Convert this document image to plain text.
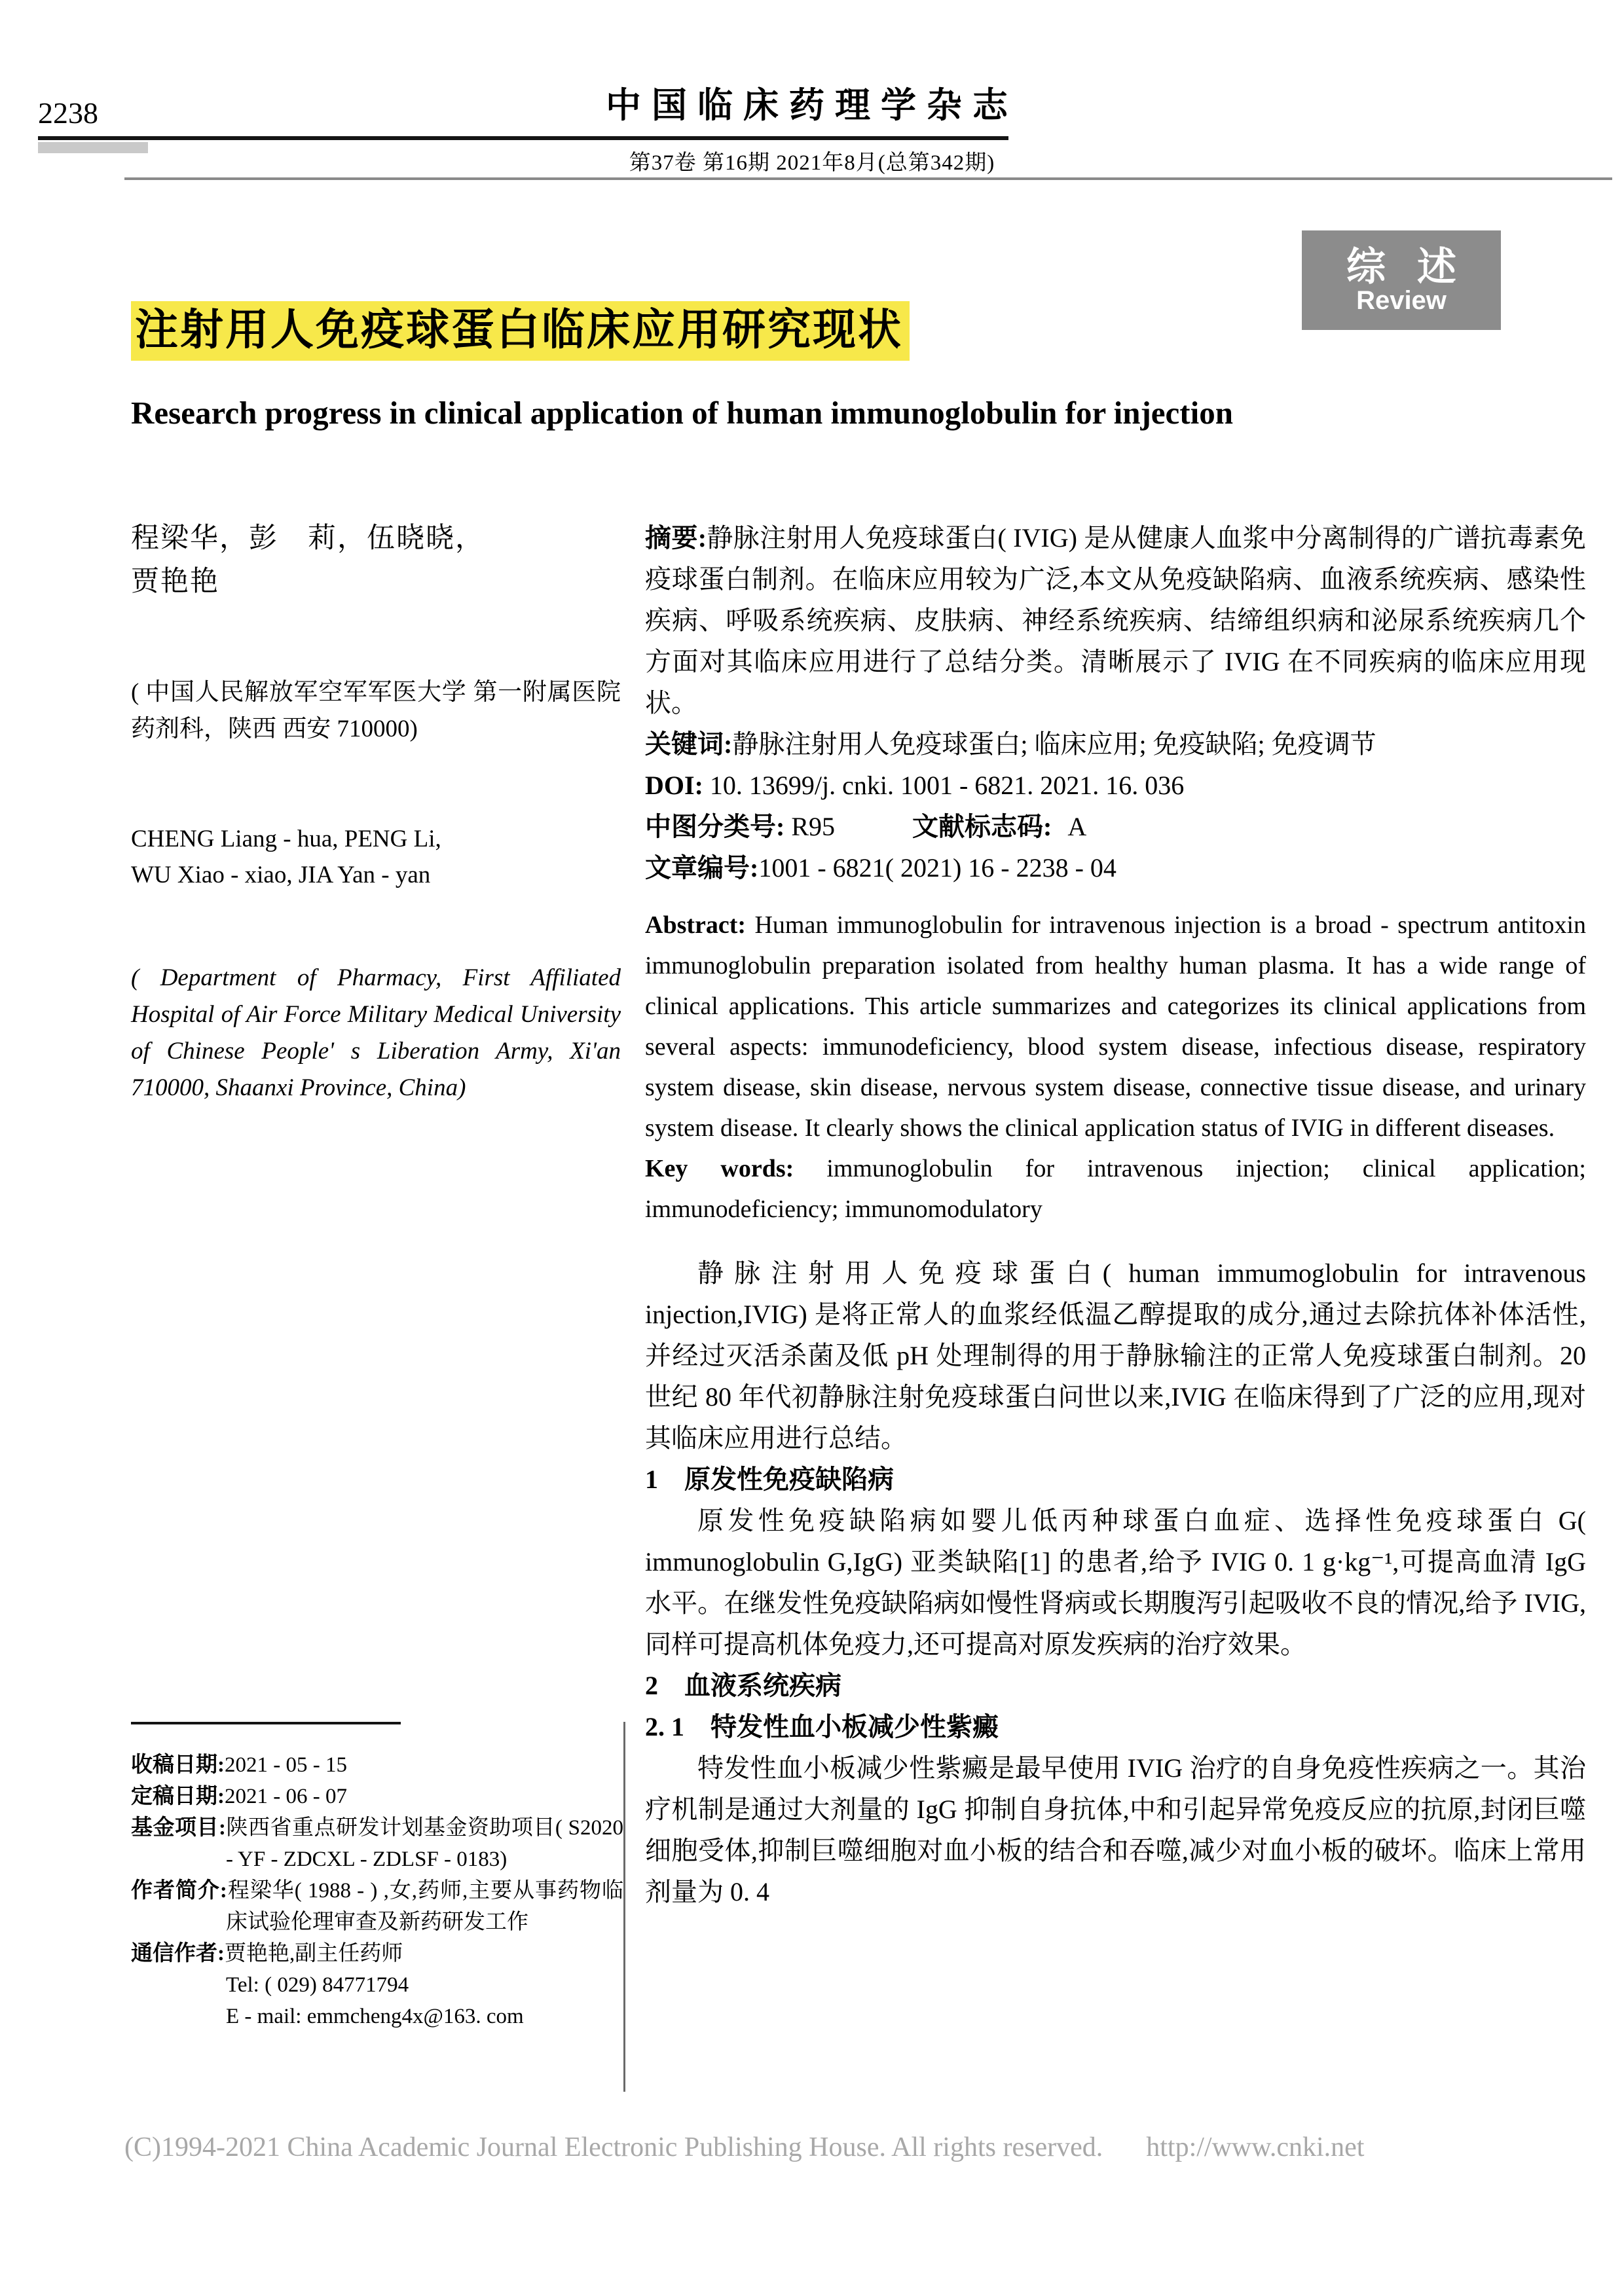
2238	中国临床药理学杂志
第37卷 第16期 2021年8月(总第342期)
综述
Review
注射用人免疫球蛋白临床应用研究现状
Research progress in clinical application of human immunoglobulin for injection
程梁华，彭　莉，伍晓晓，
贾艳艳
( 中国人民解放军空军军医大学 第一附属医院药剂科，陕西 西安 710000)
CHENG Liang - hua, PENG Li,
WU Xiao - xiao, JIA Yan - yan
( Department of Pharmacy, First Affiliated Hospital of Air Force Military Medical University of Chinese People' s Liberation Army, Xi'an 710000, Shaanxi Province, China)
收稿日期:2021 - 05 - 15
定稿日期:2021 - 06 - 07
基金项目:陕西省重点研发计划基金资助项目( S2020 - YF - ZDCXL - ZDLSF - 0183)
作者简介:程梁华( 1988 - ) ,女,药师,主要从事药物临床试验伦理审查及新药研发工作
通信作者:贾艳艳,副主任药师
Tel: ( 029) 84771794
E - mail: emmcheng4x@163. com

摘要:静脉注射用人免疫球蛋白( IVIG) 是从健康人血浆中分离制得的广谱抗毒素免疫球蛋白制剂。在临床应用较为广泛,本文从免疫缺陷病、血液系统疾病、感染性疾病、呼吸系统疾病、皮肤病、神经系统疾病、结缔组织病和泌尿系统疾病几个方面对其临床应用进行了总结分类。清晰展示了 IVIG 在不同疾病的临床应用现状。

关键词:静脉注射用人免疫球蛋白; 临床应用; 免疫缺陷; 免疫调节

DOI: 10. 13699/j. cnki. 1001 - 6821. 2021. 16. 036

中图分类号: R95	文献标志码: A

文章编号:1001 - 6821( 2021) 16 - 2238 - 04

Abstract: Human immunoglobulin for intravenous injection is a broad - spectrum antitoxin immunoglobulin preparation isolated from healthy human plasma. It has a wide range of clinical applications. This article summarizes and categorizes its clinical applications from several aspects: immunodeficiency, blood system disease, infectious disease, respiratory system disease, skin disease, nervous system disease, connective tissue disease, and urinary system disease. It clearly shows the clinical application status of IVIG in different diseases.

Key words: immunoglobulin for intravenous injection; clinical application; immunodeficiency; immunomodulatory

静脉注射用人免疫球蛋白( human immumoglobulin for intravenous injection,IVIG) 是将正常人的血浆经低温乙醇提取的成分,通过去除抗体补体活性,并经过灭活杀菌及低 pH 处理制得的用于静脉输注的正常人免疫球蛋白制剂。20 世纪 80 年代初静脉注射免疫球蛋白问世以来,IVIG 在临床得到了广泛的应用,现对其临床应用进行总结。

1　原发性免疫缺陷病

原发性免疫缺陷病如婴儿低丙种球蛋白血症、选择性免疫球蛋白 G( immunoglobulin G,IgG) 亚类缺陷[1] 的患者,给予 IVIG 0. 1 g·kg⁻¹,可提高血清 IgG 水平。在继发性免疫缺陷病如慢性肾病或长期腹泻引起吸收不良的情况,给予 IVIG,同样可提高机体免疫力,还可提高对原发疾病的治疗效果。

2　血液系统疾病

2. 1　特发性血小板减少性紫癜

特发性血小板减少性紫癜是最早使用 IVIG 治疗的自身免疫性疾病之一。其治疗机制是通过大剂量的 IgG 抑制自身抗体,中和引起异常免疫反应的抗原,封闭巨噬细胞受体,抑制巨噬细胞对血小板的结合和吞噬,减少对血小板的破坏。临床上常用剂量为 0. 4

(C)1994-2021 China Academic Journal Electronic Publishing House. All rights reserved. http://www.cnki.net
